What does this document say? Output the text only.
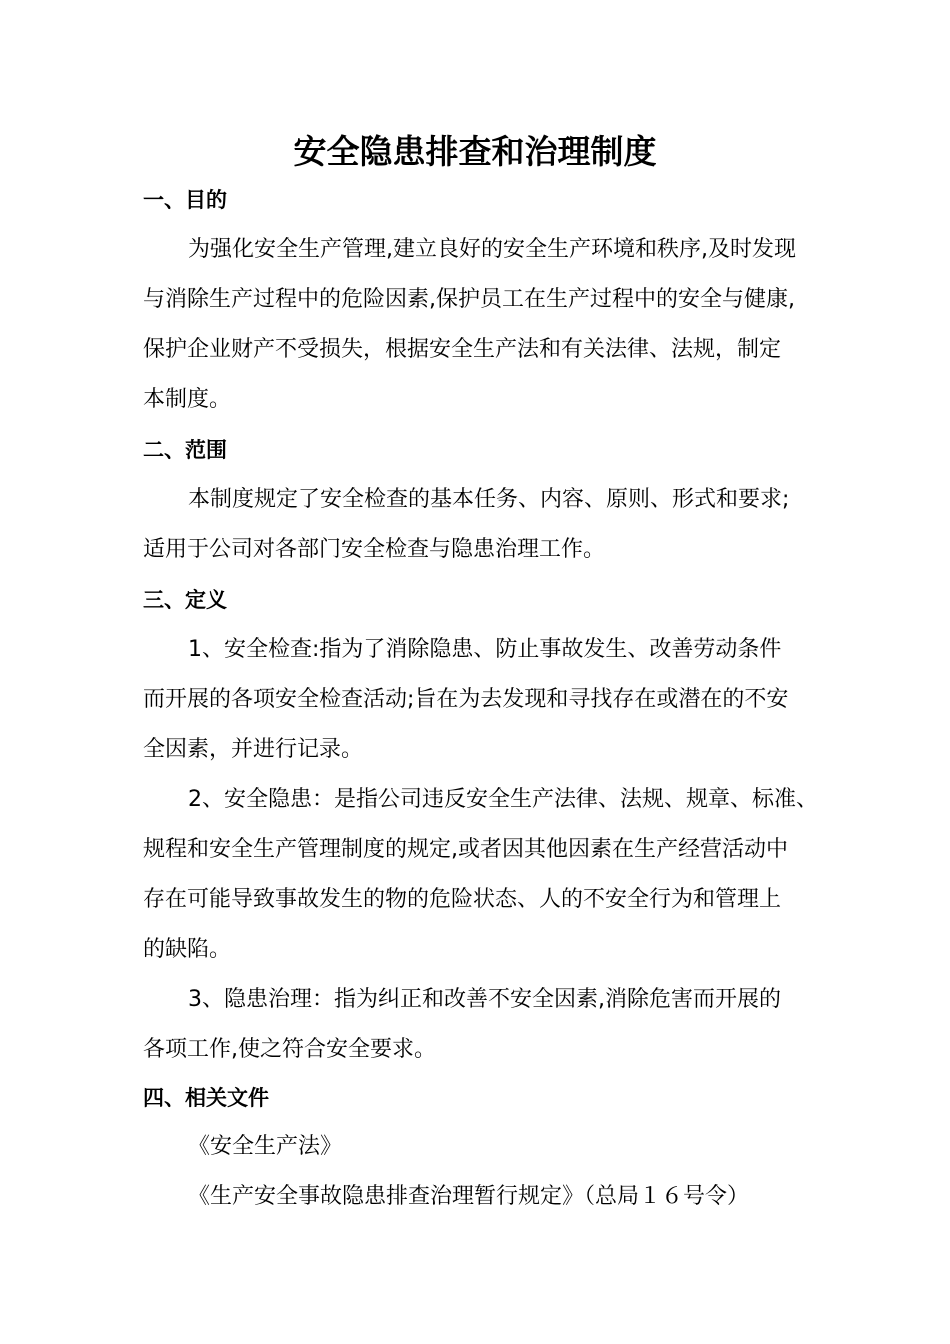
安全隐患排查和治理制度

一、目的

为强化安全生产管理,建立良好的安全生产环境和秩序,及时发现

与消除生产过程中的危险因素,保护员工在生产过程中的安全与健康,

保护企业财产不受损失，根据安全生产法和有关法律、法规，制定

本制度。

二、范围

本制度规定了安全检查的基本任务、内容、原则、形式和要求;

适用于公司对各部门安全检查与隐患治理工作。

三、定义

1、安全检查:指为了消除隐患、防止事故发生、改善劳动条件

而开展的各项安全检查活动;旨在为去发现和寻找存在或潜在的不安

全因素，并进行记录。

2、安全隐患：是指公司违反安全生产法律、法规、规章、标准、

规程和安全生产管理制度的规定,或者因其他因素在生产经营活动中

存在可能导致事故发生的物的危险状态、人的不安全行为和管理上

的缺陷。

3、隐患治理：指为纠正和改善不安全因素,消除危害而开展的

各项工作,使之符合安全要求。

四、相关文件

《安全生产法》

《生产安全事故隐患排查治理暂行规定》（总局１６号令）
